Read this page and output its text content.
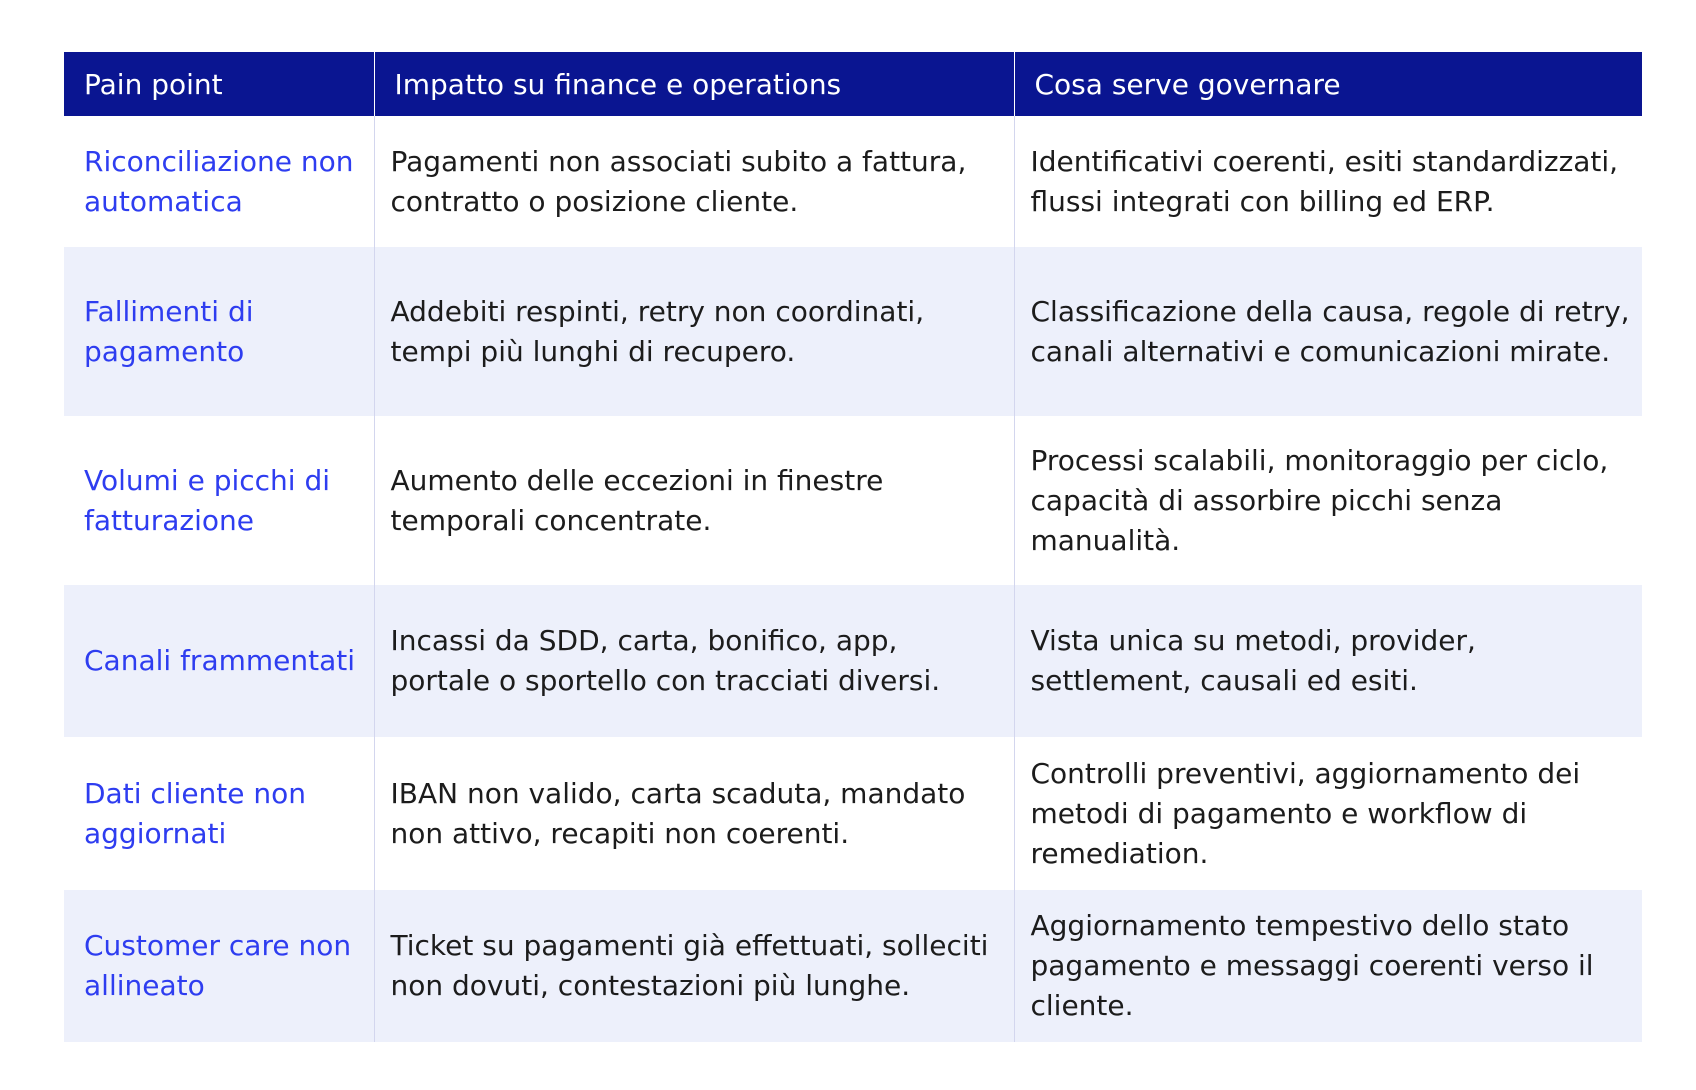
Pain point	Impatto su finance e operations	Cosa serve governare
Riconciliazione non automatica	Pagamenti non associati subito a fattura, contratto o posizione cliente.	Identificativi coerenti, esiti standardizzati, flussi integrati con billing ed ERP.
Fallimenti di pagamento	Addebiti respinti, retry non coordinati, tempi più lunghi di recupero.	Classificazione della causa, regole di retry, canali alternativi e comunicazioni mirate.
Volumi e picchi di fatturazione	Aumento delle eccezioni in finestre temporali concentrate.	Processi scalabili, monitoraggio per ciclo, capacità di assorbire picchi senza manualità.
Canali frammentati	Incassi da SDD, carta, bonifico, app, portale o sportello con tracciati diversi.	Vista unica su metodi, provider, settlement, causali ed esiti.
Dati cliente non aggiornati	IBAN non valido, carta scaduta, mandato non attivo, recapiti non coerenti.	Controlli preventivi, aggiornamento dei metodi di pagamento e workflow di remediation.
Customer care non allineato	Ticket su pagamenti già effettuati, solleciti non dovuti, contestazioni più lunghe.	Aggiornamento tempestivo dello stato pagamento e messaggi coerenti verso il cliente.
